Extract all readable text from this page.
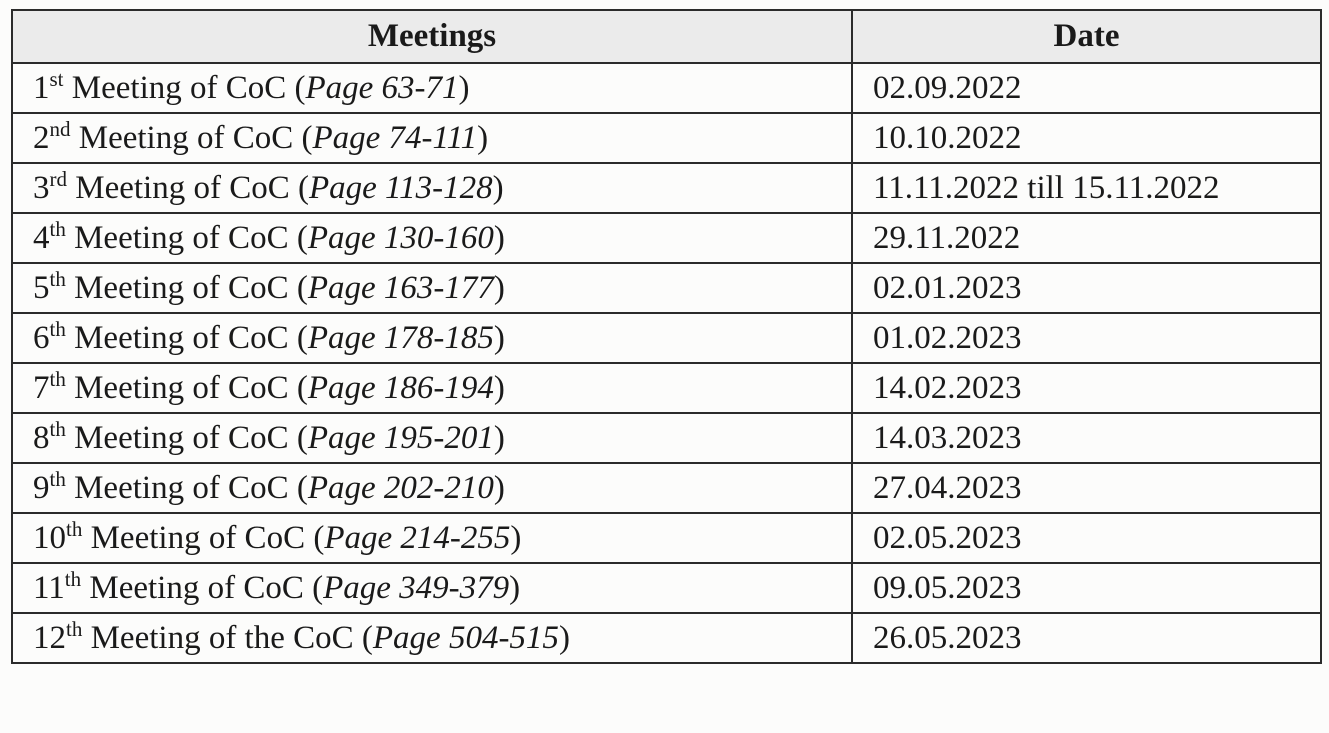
Meetings	Date
1st Meeting of CoC (Page 63-71)	02.09.2022
2nd Meeting of CoC (Page 74-111)	10.10.2022
3rd Meeting of CoC (Page 113-128)	11.11.2022 till 15.11.2022
4th Meeting of CoC (Page 130-160)	29.11.2022
5th Meeting of CoC (Page 163-177)	02.01.2023
6th Meeting of CoC (Page 178-185)	01.02.2023
7th Meeting of CoC (Page 186-194)	14.02.2023
8th Meeting of CoC (Page 195-201)	14.03.2023
9th Meeting of CoC (Page 202-210)	27.04.2023
10th Meeting of CoC (Page 214-255)	02.05.2023
11th Meeting of CoC (Page 349-379)	09.05.2023
12th Meeting of the CoC (Page 504-515)	26.05.2023
